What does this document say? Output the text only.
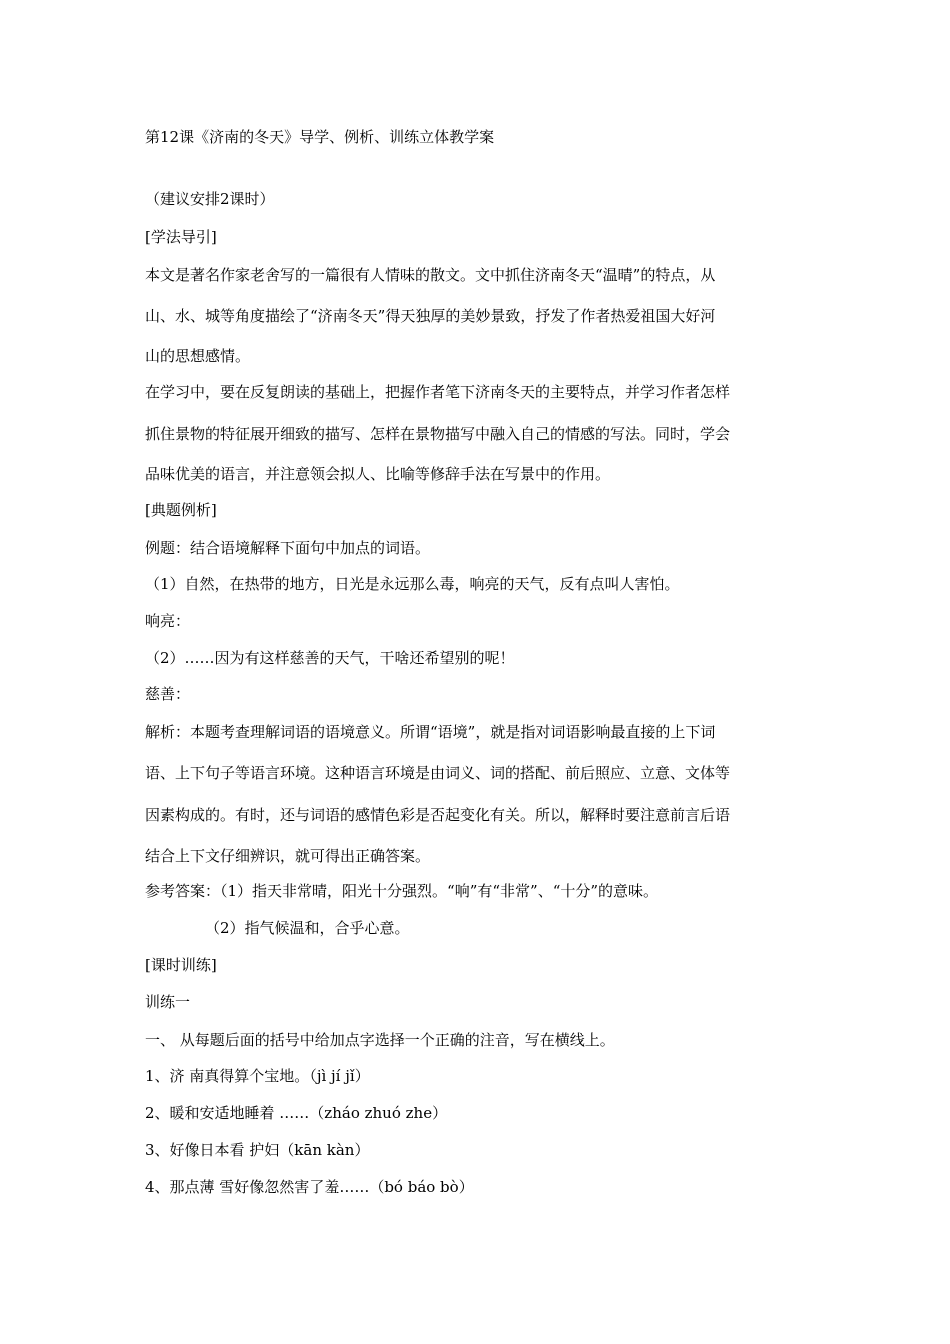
第12课《济南的冬天》导学、例析、训练立体教学案
（建议安排2课时）
[学法导引]
本文是著名作家老舍写的一篇很有人情味的散文。文中抓住济南冬天“温晴”的特点，从
山、水、城等角度描绘了“济南冬天”得天独厚的美妙景致，抒发了作者热爱祖国大好河
山的思想感情。
在学习中，要在反复朗读的基础上，把握作者笔下济南冬天的主要特点，并学习作者怎样
抓住景物的特征展开细致的描写、怎样在景物描写中融入自己的情感的写法。同时，学会
品味优美的语言，并注意领会拟人、比喻等修辞手法在写景中的作用。
[典题例析]
例题：结合语境解释下面句中加点的词语。
（1）自然，在热带的地方，日光是永远那么毒，响亮的天气，反有点叫人害怕。
响亮：
（2）……因为有这样慈善的天气，干啥还希望别的呢！
慈善：
解析：本题考查理解词语的语境意义。所谓“语境”，就是指对词语影响最直接的上下词
语、上下句子等语言环境。这种语言环境是由词义、词的搭配、前后照应、立意、文体等
因素构成的。有时，还与词语的感情色彩是否起变化有关。所以，解释时要注意前言后语
结合上下文仔细辨识，就可得出正确答案。
参考答案：（1）指天非常晴，阳光十分强烈。“响”有“非常”、“十分”的意味。
（2）指气候温和，合乎心意。
[课时训练]
训练一
一、 从每题后面的括号中给加点字选择一个正确的注音，写在横线上。
1、济 南真得算个宝地。（jì jí jǐ）
2、暖和安适地睡着 ……（zháo zhuó zhe）
3、好像日本看 护妇（kān kàn）
4、那点薄 雪好像忽然害了羞……（bó báo bò）
